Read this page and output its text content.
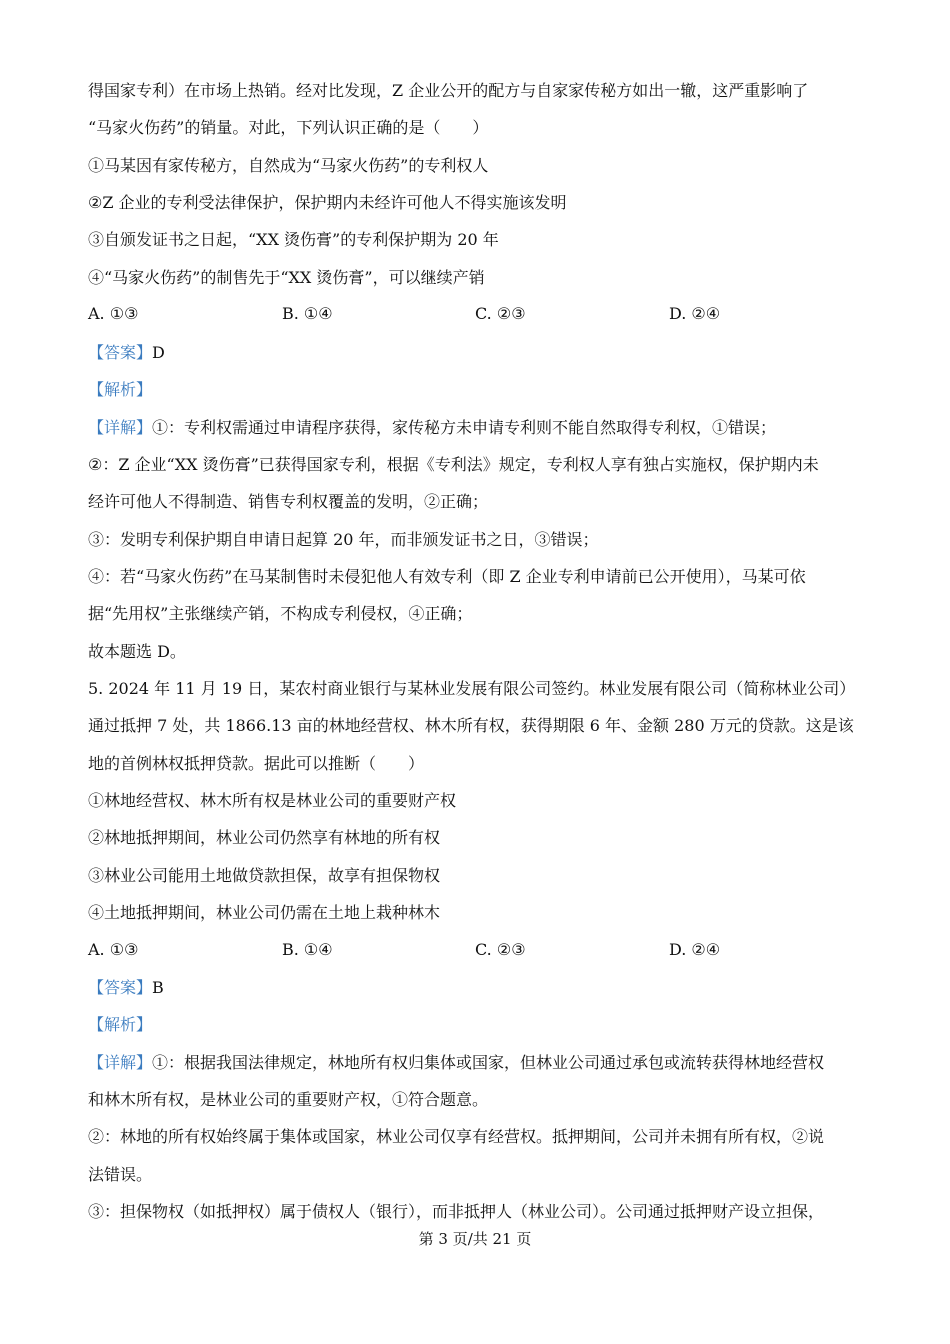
得国家专利）在市场上热销。经对比发现，Z 企业公开的配方与自家家传秘方如出一辙，这严重影响了
“马家火伤药”的销量。对此，下列认识正确的是（　　）
①马某因有家传秘方，自然成为“马家火伤药”的专利权人
②Z 企业的专利受法律保护，保护期内未经许可他人不得实施该发明
③自颁发证书之日起，“XX 烫伤膏”的专利保护期为 20 年
④“马家火伤药”的制售先于“XX 烫伤膏”，可以继续产销
A. ①③	B. ①④	C. ②③	D. ②④
【答案】D
【解析】
【详解】①：专利权需通过申请程序获得，家传秘方未申请专利则不能自然取得专利权，①错误；
②：Z 企业“XX 烫伤膏”已获得国家专利，根据《专利法》规定，专利权人享有独占实施权，保护期内未
经许可他人不得制造、销售专利权覆盖的发明，②正确；
③：发明专利保护期自申请日起算 20 年，而非颁发证书之日，③错误；
④：若“马家火伤药”在马某制售时未侵犯他人有效专利（即 Z 企业专利申请前已公开使用），马某可依
据“先用权”主张继续产销，不构成专利侵权，④正确；
故本题选 D。
5. 2024 年 11 月 19 日，某农村商业银行与某林业发展有限公司签约。林业发展有限公司（简称林业公司）
通过抵押 7 处，共 1866.13 亩的林地经营权、林木所有权，获得期限 6 年、金额 280 万元的贷款。这是该
地的首例林权抵押贷款。据此可以推断（　　）
①林地经营权、林木所有权是林业公司的重要财产权
②林地抵押期间，林业公司仍然享有林地的所有权
③林业公司能用土地做贷款担保，故享有担保物权
④土地抵押期间，林业公司仍需在土地上栽种林木
A. ①③	B. ①④	C. ②③	D. ②④
【答案】B
【解析】
【详解】①：根据我国法律规定，林地所有权归集体或国家，但林业公司通过承包或流转获得林地经营权
和林木所有权，是林业公司的重要财产权，①符合题意。
②：林地的所有权始终属于集体或国家，林业公司仅享有经营权。抵押期间，公司并未拥有所有权，②说
法错误。
③：担保物权（如抵押权）属于债权人（银行），而非抵押人（林业公司）。公司通过抵押财产设立担保，
第 3 页/共 21 页
